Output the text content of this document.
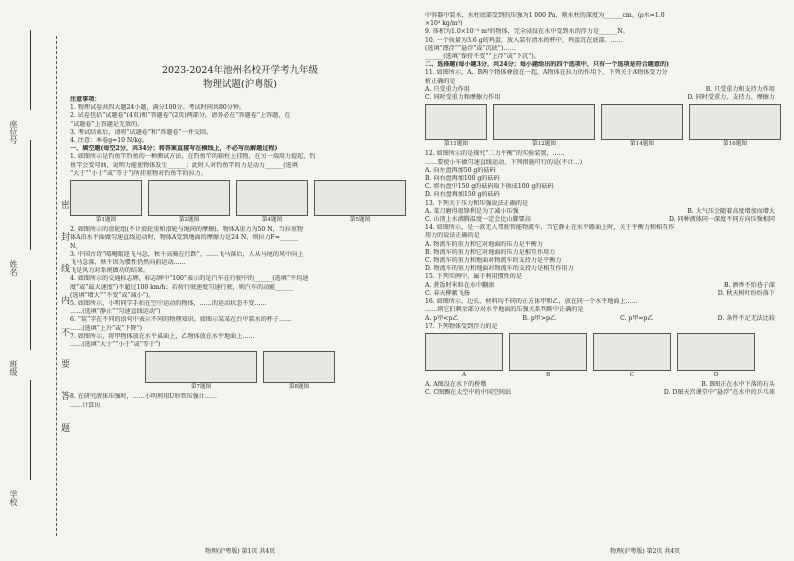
学校
班级
姓名
座位号
密 封 线 内 不 要 答 题

2023-2024年池州名校开学考九年级

物理试题(沪粤版)

注意事项：

1. 物理试卷共四大题24小题，满分100分。考试时间共80分钟。

2. 试卷包括“试题卷”(4页)和“答题卷”(2页)两部分。请务必在“答题卷”上答题，在

“试题卷”上答题是无效的。

3. 考试结束后，请将“试题卷”和“答题卷”一并交回。

4. 注意：本卷g=10 N/kg。

一、填空题(每空2分，共34分；将答案直接写在横线上，不必写出解题过程)

1. 如图所示是钓鱼竿钓鱼的一种测试方法，在钓鱼竿的箱柱上挂物，在另一端用力提起，钓

鱼竿会变弯曲，说明力能使物体发生______；此时人对钓鱼竿的力是动力______(选填

“大于”“小于”或“等于”)所挂重物对钓鱼竿的拉力。

第1题图	第2题图	第4题图	第5题图

2. 如图所示的滑轮组(不计滑轮重和滑轮与绳间的摩擦)，物体A重力为50 N，当拉重物

体A沿水平面做匀速直线运动时，物体A受到地面的摩擦力是24 N，则拉力F=______

N。

3. 中国古诗“晴飓眼迎飞马急，秋千高骑在行跌”。……飞马落后，人从马尾的风中向上

飞马急落，秋千因为惯性仍然向前运动……

飞是风力对系统做功的结果。

4. 如图所示的交通标志牌，标志牌中“100”表示的是汽车在行驶中的______(选填“平均速

度”或“最大速度”)不超过100 km/h；若按行驶速度匀速行驶，则汽车的动能______

(选填“增大”“不变”或“减小”)。

5. 如图所示，小明同学手拍在空中运动的物体，……的运动状态不变……

……(选填“静止”“匀速直线运动”)

6. “装”字在不同的语句中表示不同的物理知识。如图示某某在台中装水的杯子……

……(选填“上升”或“下降”)

7. 如图所示，将甲物体放在水平桌面上，乙物体放在水平地面上……

……(选填“大于”“小于”或“等于”)

第7题图	第8题图

8. 在研究液体压强时，……小明利用U形管压强计……

……计算出

物理(沪粤版) 第1页 共4页

中容器中装水，水柱底部受到的压强为1 000 Pa，则水柱的深度为______cm。(ρ水=1.0

×10³ kg/m³)

9. 体积为1.0×10⁻³ m³的物体，完全浸没在水中受到水的浮力是______N。

10. 一个质量为3.6 g的鸡蛋，放入装有清水的杯中，鸡蛋沉在底部。……

(选填“漂浮”“悬浮”或“沉底”)……

______(选填“保持不变”“上浮”或“下沉”)。

二、选择题(每小题3分，共24分；每小题给出的四个选项中，只有一个选项是符合题意的)

11. 如图所示，A、B两个物体叠放在一起，A物体在拉力的作用下，下列关于A物体受力分

析正确的是

A. 只受重力作用	B. 只受重力和支持力作用
C. 同时受重力和摩擦力作用	D. 同时受重力、支持力、摩擦力
第11题图	第12题图	第14题图	第16题图

12. 如图所示的是探究“二力平衡”的实验装置，……

……要使小车做匀速直线运动，下列措施可行的是(不计…)

A. 向左盘再加50 g的砝码

B. 向右盘再加100 g的砝码

C. 将右盘中150 g的砝码取下换成100 g的砝码

D. 向右盘再加150 g的砝码

13. 下列关于压力和压强说法正确的是

A. 菜刀磨得很锋利是为了减小压强	B. 大气压会随着高度增加而增大
C. 山顶上水沸腾温度一定会比山脚要高	D. 同种液体同一深度不同方向压强相同

14. 如图所示，是一款无人驾驶智能物流车，当它静止在水平路面上时，关于平衡力和相互作

用力的说法正确的是

A. 物流车的重力和它对地面的压力是平衡力

B. 物流车的重力和它对地面的压力是相互作用力

C. 物流车的重力和地面对物流车的支持力是平衡力

D. 物流车的重力和地面对物流车的支持力是相互作用力

15. 下列实例中，属于利用惯性的是

A. 煮饭时米粒在水中翻滚	B. 洒香不怕巷子深
C. 春天柳絮飞扬	D. 秋天树叶纷纷落下

16. 如图所示，边长、材料均不同的正方体甲和乙，放在同一个水平地面上……

……则它们剩余部分对水平地面的压强关系判断中正确的是

A. p甲<p乙	B. p甲>p乙	C. p甲=p乙	D. 条件不足无法比较

17. 下列物体受到浮力的是

A	B	C	D
A. A图没在水下的桥墩	B. B图正在水中下落的石头
C. C图飘在太空中的中国空间站	D. D图天宫课堂中“悬浮”在水中的乒乓球
物理(沪粤版) 第2页 共4页
